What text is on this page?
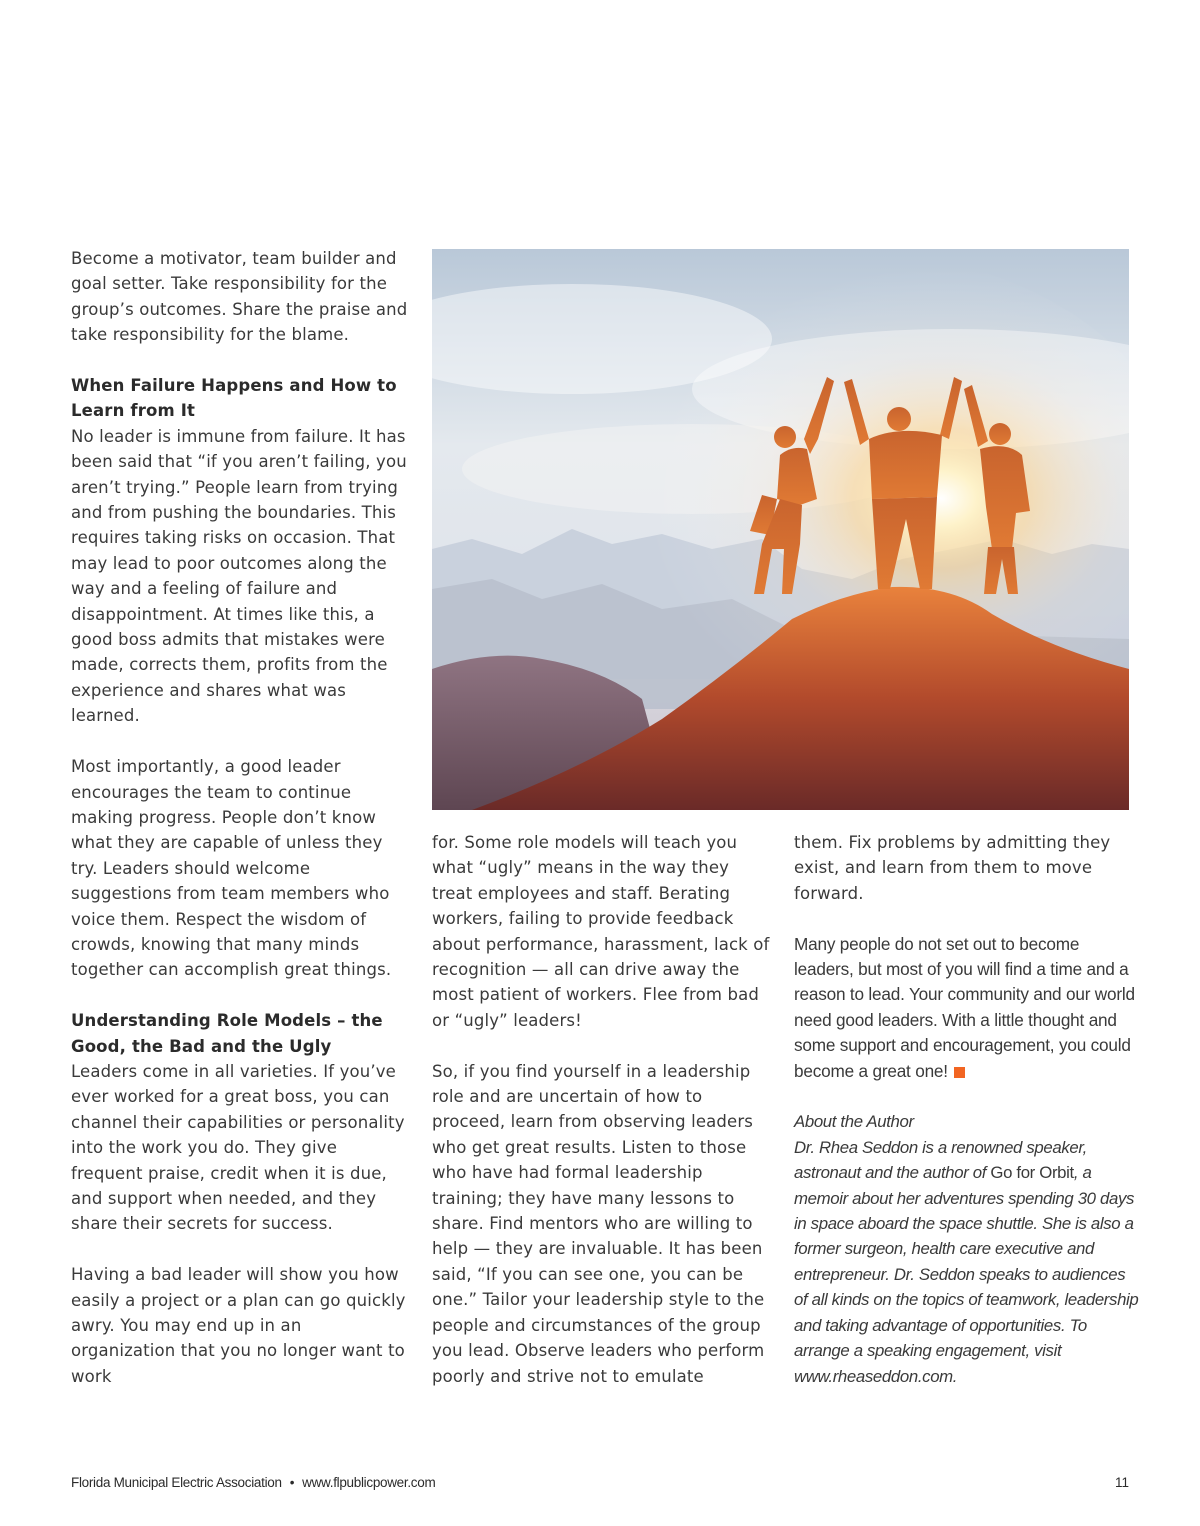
Become a motivator, team builder and goal setter. Take responsibility for the group’s outcomes. Share the praise and take responsibility for the blame.

When Failure Happens and How to Learn from It

No leader is immune from failure. It has been said that “if you aren’t failing, you aren’t trying.” People learn from trying and from pushing the boundaries. This requires taking risks on occasion. That may lead to poor outcomes along the way and a feeling of failure and disappointment. At times like this, a good boss admits that mistakes were made, corrects them, profits from the experience and shares what was learned.

Most importantly, a good leader encourages the team to continue making progress. People don’t know what they are capable of unless they try. Leaders should welcome suggestions from team members who voice them. Respect the wisdom of crowds, knowing that many minds together can accomplish great things.

Understanding Role Models – the Good, the Bad and the Ugly

Leaders come in all varieties. If you’ve ever worked for a great boss, you can channel their capabilities or personality into the work you do. They give frequent praise, credit when it is due, and support when needed, and they share their secrets for success.

Having a bad leader will show you how easily a project or a plan can go quickly awry. You may end up in an organization that you no longer want to work

for. Some role models will teach you what “ugly” means in the way they treat employees and staff. Berating workers, failing to provide feedback about performance, harassment, lack of recognition — all can drive away the most patient of workers. Flee from bad or “ugly” leaders!

So, if you find yourself in a leadership role and are uncertain of how to proceed, learn from observing leaders who get great results. Listen to those who have had formal leadership training; they have many lessons to share. Find mentors who are willing to help — they are invaluable. It has been said, “If you can see one, you can be one.” Tailor your leadership style to the people and circumstances of the group you lead. Observe leaders who perform poorly and strive not to emulate

them. Fix problems by admitting they exist, and learn from them to move forward.

Many people do not set out to become leaders, but most of you will find a time and a reason to lead. Your community and our world need good leaders. With a little thought and some support and encouragement, you could become a great one!

About the Author
Dr. Rhea Seddon is a renowned speaker, astronaut and the author of Go for Orbit, a memoir about her adventures spending 30 days in space aboard the space shuttle. She is also a former surgeon, health care executive and entrepreneur. Dr. Seddon speaks to audiences of all kinds on the topics of teamwork, leadership and taking advantage of opportunities. To arrange a speaking engagement, visit www.rheaseddon.com.
Florida Municipal Electric Association • www.flpublicpower.com	11
